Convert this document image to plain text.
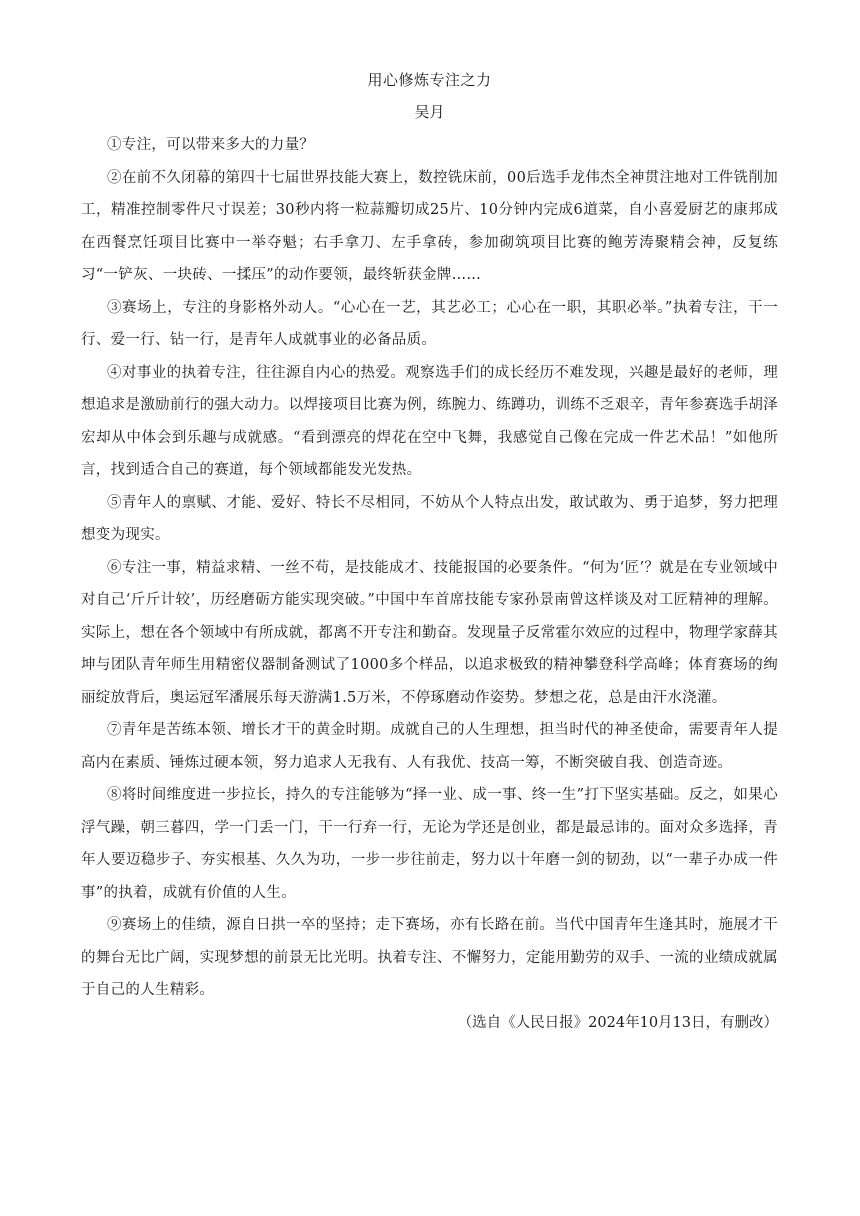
用心修炼专注之力
吴月

①专注，可以带来多大的力量？

②在前不久闭幕的第四十七届世界技能大赛上，数控铣床前，00后选手龙伟杰全神贯注地对工件铣削加工，精准控制零件尺寸误差；30秒内将一粒蒜瓣切成25片、10分钟内完成6道菜，自小喜爱厨艺的康邦成在西餐烹饪项目比赛中一举夺魁；右手拿刀、左手拿砖，参加砌筑项目比赛的鲍芳涛聚精会神，反复练习“一铲灰、一块砖、一揉压”的动作要领，最终斩获金牌……

③赛场上，专注的身影格外动人。“心心在一艺，其艺必工；心心在一职，其职必举。”执着专注，干一行、爱一行、钻一行，是青年人成就事业的必备品质。

④对事业的执着专注，往往源自内心的热爱。观察选手们的成长经历不难发现，兴趣是最好的老师，理想追求是激励前行的强大动力。以焊接项目比赛为例，练腕力、练蹲功，训练不乏艰辛，青年参赛选手胡泽宏却从中体会到乐趣与成就感。“看到漂亮的焊花在空中飞舞，我感觉自己像在完成一件艺术品！”如他所言，找到适合自己的赛道，每个领域都能发光发热。

⑤青年人的禀赋、才能、爱好、特长不尽相同，不妨从个人特点出发，敢试敢为、勇于追梦，努力把理想变为现实。

⑥专注一事，精益求精、一丝不苟，是技能成才、技能报国的必要条件。“何为‘匠’？就是在专业领域中对自己‘斤斤计较’，历经磨砺方能实现突破。”中国中车首席技能专家孙景南曾这样谈及对工匠精神的理解。实际上，想在各个领域中有所成就，都离不开专注和勤奋。发现量子反常霍尔效应的过程中，物理学家薛其坤与团队青年师生用精密仪器制备测试了1000多个样品，以追求极致的精神攀登科学高峰；体育赛场的绚丽绽放背后，奥运冠军潘展乐每天游满1.5万米，不停琢磨动作姿势。梦想之花，总是由汗水浇灌。

⑦青年是苦练本领、增长才干的黄金时期。成就自己的人生理想，担当时代的神圣使命，需要青年人提高内在素质、锤炼过硬本领，努力追求人无我有、人有我优、技高一筹，不断突破自我、创造奇迹。

⑧将时间维度进一步拉长，持久的专注能够为“择一业、成一事、终一生”打下坚实基础。反之，如果心浮气躁，朝三暮四，学一门丢一门，干一行弃一行，无论为学还是创业，都是最忌讳的。面对众多选择，青年人要迈稳步子、夯实根基、久久为功，一步一步往前走，努力以十年磨一剑的韧劲，以“一辈子办成一件事”的执着，成就有价值的人生。

⑨赛场上的佳绩，源自日拱一卒的坚持；走下赛场，亦有长路在前。当代中国青年生逢其时，施展才干的舞台无比广阔，实现梦想的前景无比光明。执着专注、不懈努力，定能用勤劳的双手、一流的业绩成就属于自己的人生精彩。

（选自《人民日报》2024年10月13日，有删改）
